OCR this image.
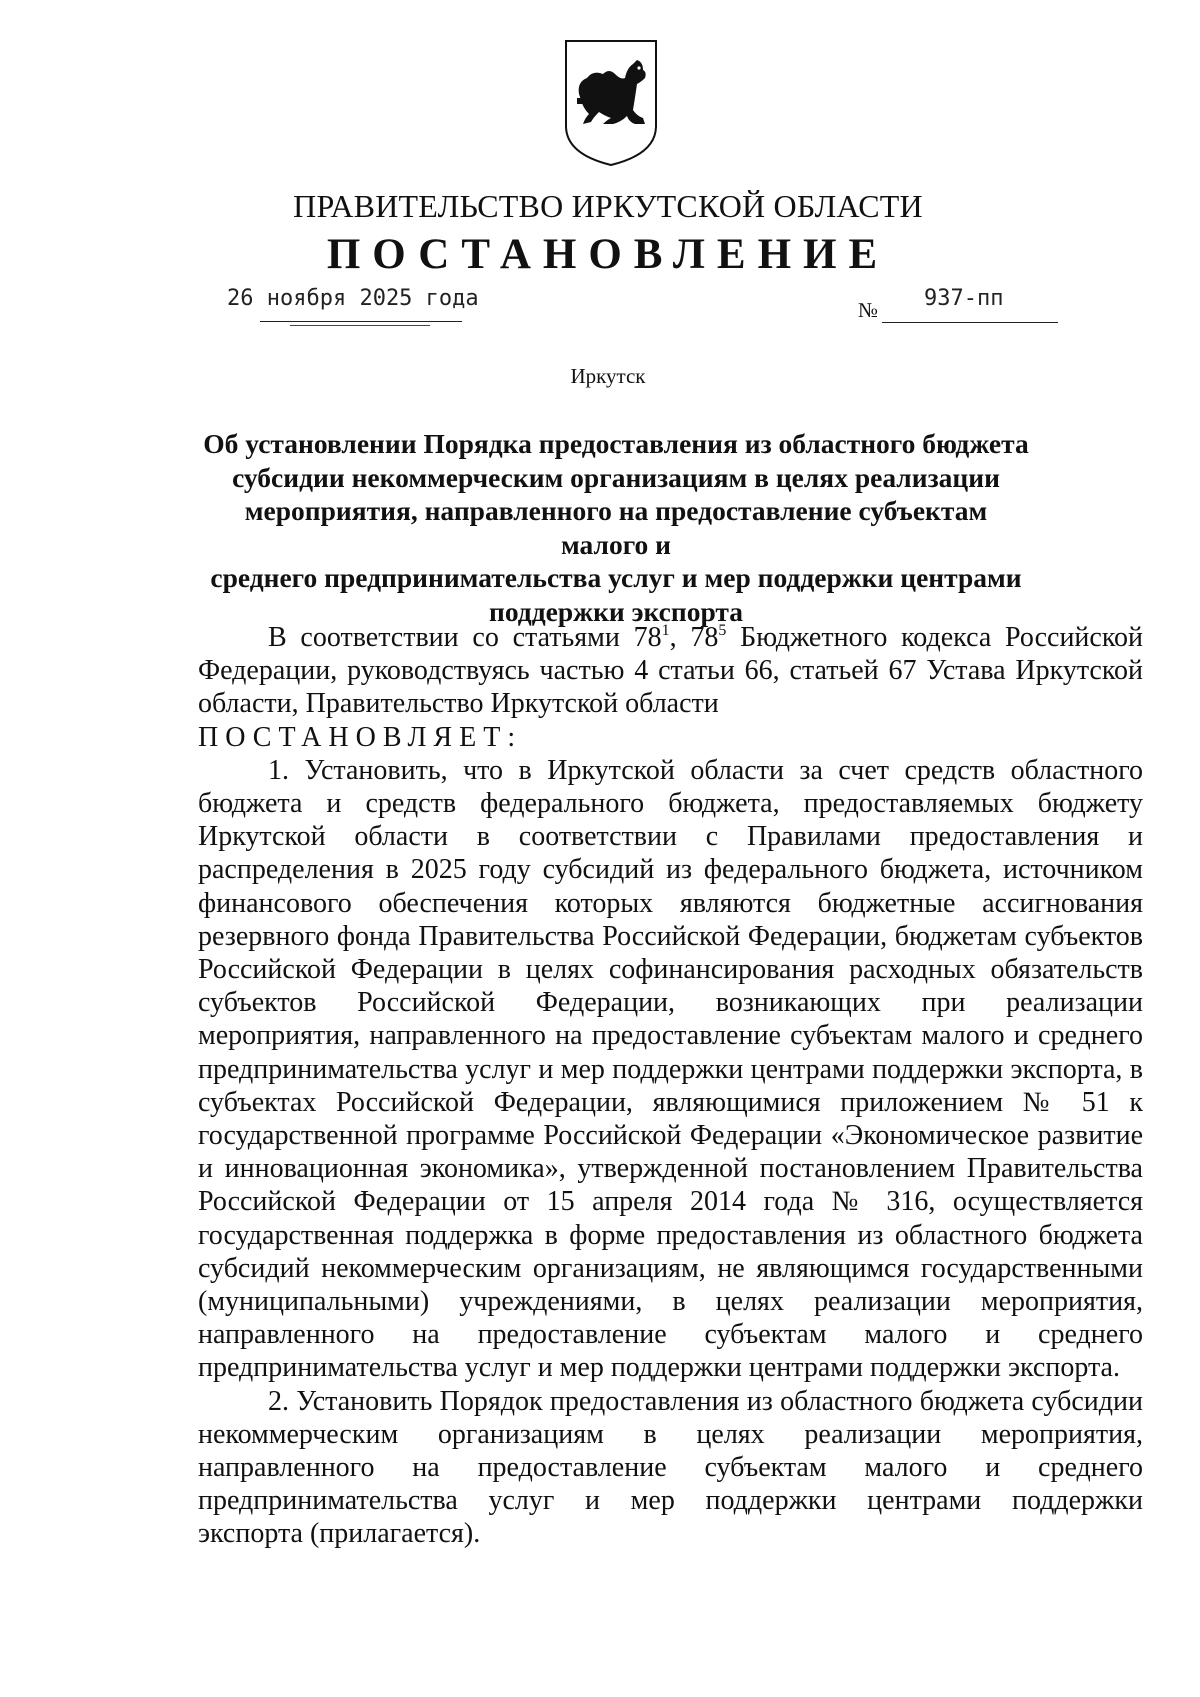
ПРАВИТЕЛЬСТВО ИРКУТСКОЙ ОБЛАСТИ
ПОСТАНОВЛЕНИЕ
26 ноября 2025 года	№ 937-пп
Иркутск
Об установлении Порядка предоставления из областного бюджета
субсидии некоммерческим организациям в целях реализации
мероприятия, направленного на предоставление субъектам малого и
среднего предпринимательства услуг и мер поддержки центрами
поддержки экспорта

В соответствии со статьями $78^1$, $78^5$ Бюджетного кодекса Российской Федерации, руководствуясь частью 4 статьи 66, статьей 67 Устава Иркутской области, Правительство Иркутской области

ПОСТАНОВЛЯЕТ:

1. Установить, что в Иркутской области за счет средств областного бюджета и средств федерального бюджета, предоставляемых бюджету Иркутской области в соответствии с Правилами предоставления и распределения в 2025 году субсидий из федерального бюджета, источником финансового обеспечения которых являются бюджетные ассигнования резервного фонда Правительства Российской Федерации, бюджетам субъектов Российской Федерации в целях софинансирования расходных обязательств субъектов Российской Федерации, возникающих при реализации мероприятия, направленного на предоставление субъектам малого и среднего предпринимательства услуг и мер поддержки центрами поддержки экспорта, в субъектах Российской Федерации, являющимися приложением № 51 к государственной программе Российской Федерации «Экономическое развитие и инновационная экономика», утвержденной постановлением Правительства Российской Федерации от 15 апреля 2014 года № 316, осуществляется государственная поддержка в форме предоставления из областного бюджета субсидий некоммерческим организациям, не являющимся государственными (муниципальными) учреждениями, в целях реализации мероприятия, направленного на предоставление субъектам малого и среднего предпринимательства услуг и мер поддержки центрами поддержки экспорта.

2. Установить Порядок предоставления из областного бюджета субсидии некоммерческим организациям в целях реализации мероприятия, направленного на предоставление субъектам малого и среднего предпринимательства услуг и мер поддержки центрами поддержки

экспорта (прилагается).
